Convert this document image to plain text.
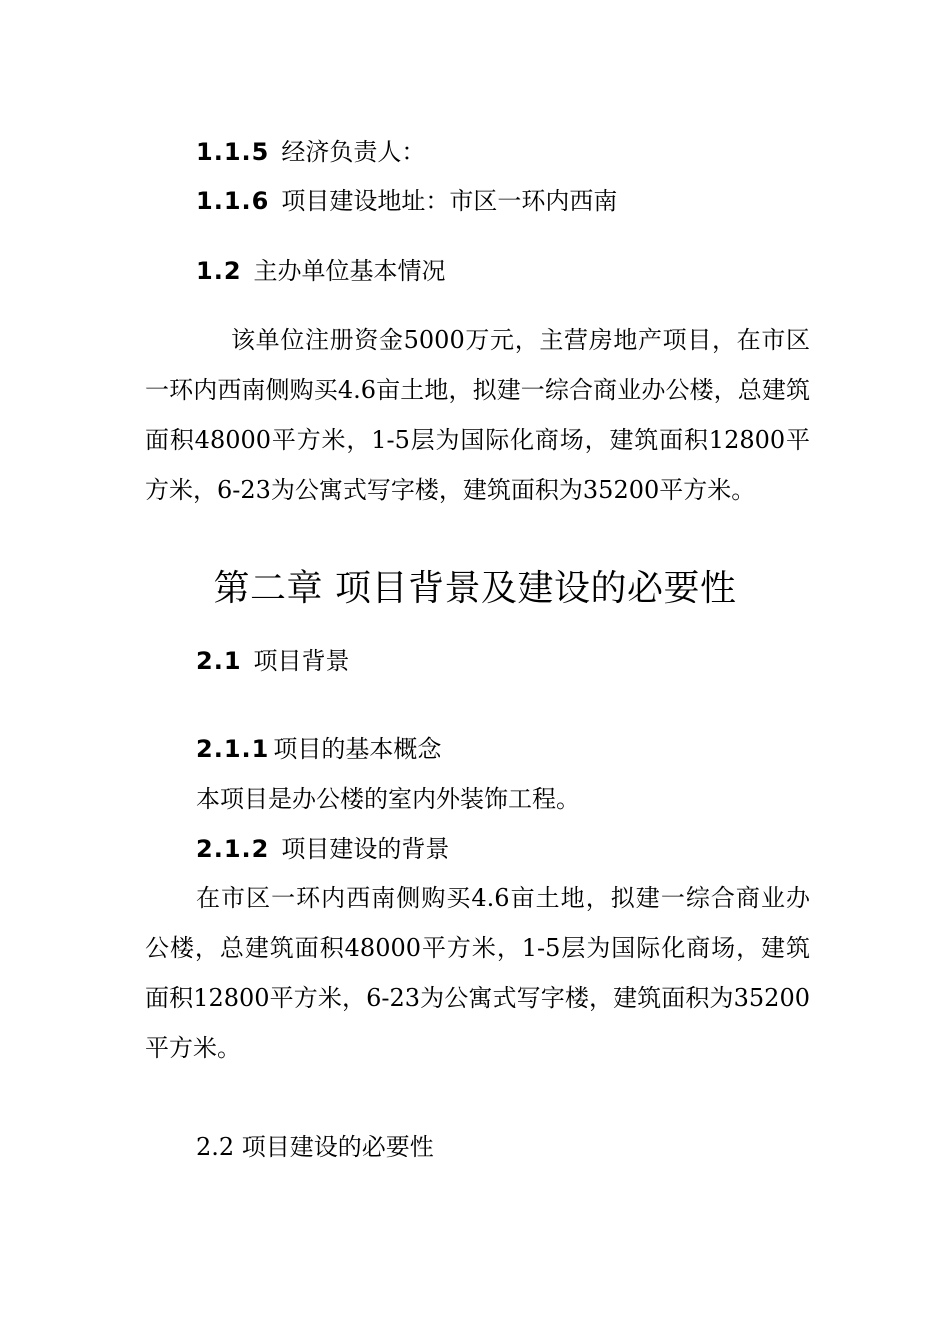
1.1.5 经济负责人：
1.1.6 项目建设地址：市区一环内西南
1.2 主办单位基本情况
该单位注册资金5000万元，主营房地产项目，在市区一环内西南侧购买4.6亩土地，拟建一综合商业办公楼，总建筑面积48000平方米，1-5层为国际化商场，建筑面积12800平方米，6-23为公寓式写字楼，建筑面积为35200平方米。
第二章 项目背景及建设的必要性
2.1 项目背景
2.1.1 项目的基本概念
本项目是办公楼的室内外装饰工程。
2.1.2 项目建设的背景
在市区一环内西南侧购买4.6亩土地，拟建一综合商业办公楼，总建筑面积48000平方米，1-5层为国际化商场，建筑面积12800平方米，6-23为公寓式写字楼，建筑面积为35200平方米。
2.2 项目建设的必要性
